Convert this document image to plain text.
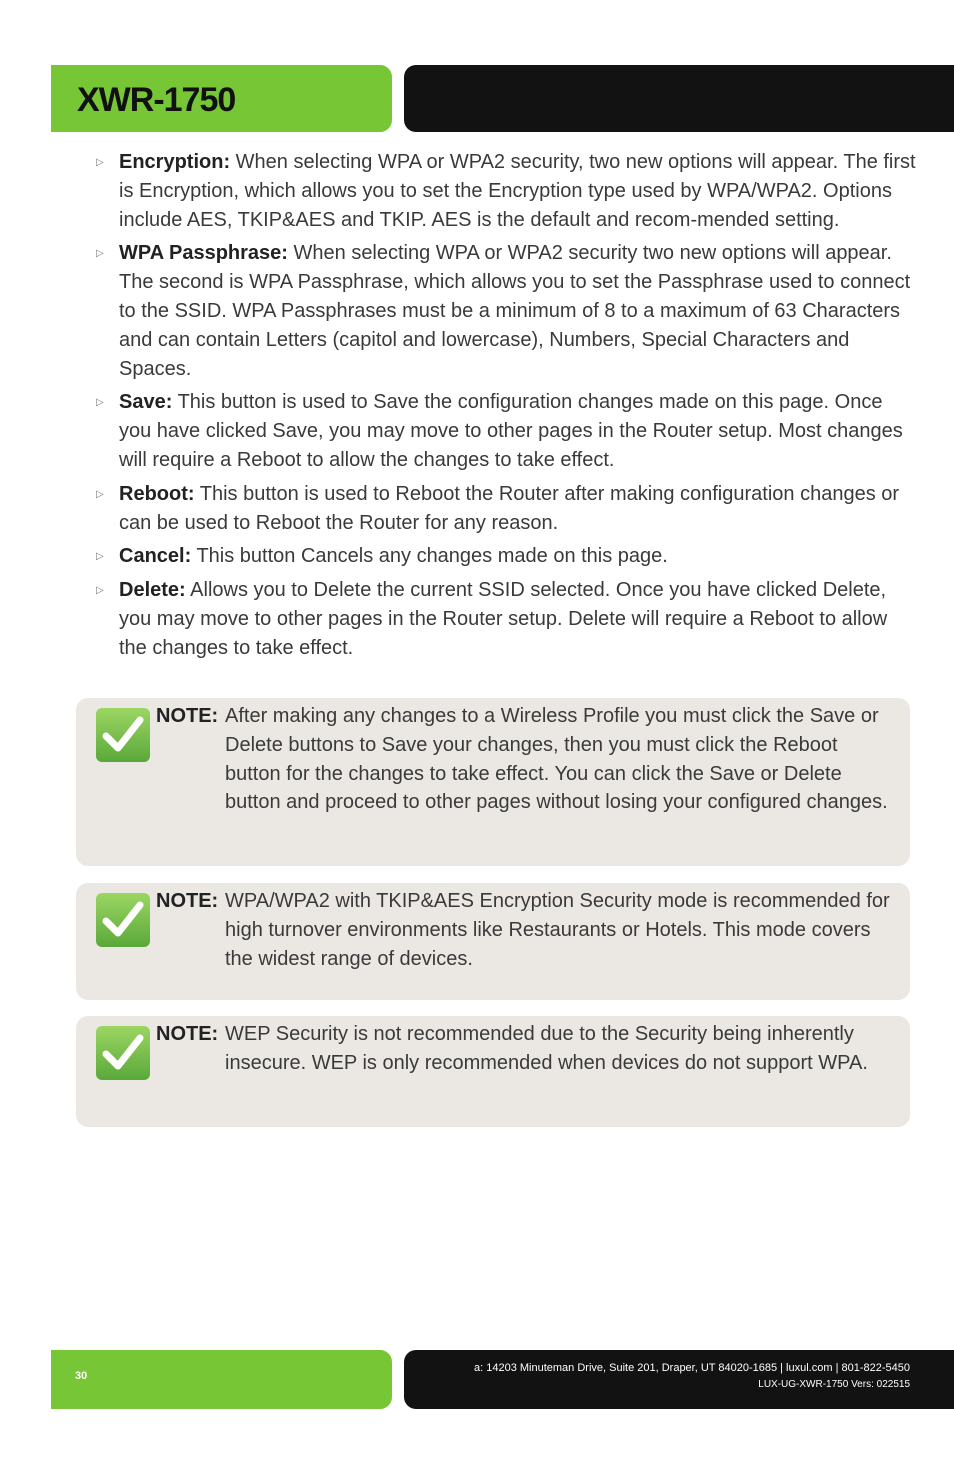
XWR-1750
▷ Encryption: When selecting WPA or WPA2 security, two new options will appear. The first is Encryption, which allows you to set the Encryption type used by WPA/WPA2. Options include AES, TKIP&AES and TKIP. AES is the default and recom-mended setting.
▷ WPA Passphrase: When selecting WPA or WPA2 security two new options will appear. The second is WPA Passphrase, which allows you to set the Passphrase used to connect to the SSID. WPA Passphrases must be a minimum of 8 to a maximum of 63 Characters and can contain Letters (capitol and lowercase), Numbers, Special Characters and Spaces.
▷ Save: This button is used to Save the configuration changes made on this page. Once you have clicked Save, you may move to other pages in the Router setup. Most changes will require a Reboot to allow the changes to take effect.
▷ Reboot: This button is used to Reboot the Router after making configuration changes or can be used to Reboot the Router for any reason.
▷ Cancel: This button Cancels any changes made on this page.
▷ Delete: Allows you to Delete the current SSID selected. Once you have clicked Delete, you may move to other pages in the Router setup. Delete will require a Reboot to allow the changes to take effect.
NOTE: After making any changes to a Wireless Profile you must click the Save or Delete buttons to Save your changes, then you must click the Reboot button for the changes to take effect. You can click the Save or Delete button and proceed to other pages without losing your configured changes.

NOTE: WPA/WPA2 with TKIP&AES Encryption Security mode is recommended for high turnover environments like Restaurants or Hotels. This mode covers the widest range of devices.

NOTE: WEP Security is not recommended due to the Security being inherently insecure. WEP is only recommended when devices do not support WPA.

30
a: 14203 Minuteman Drive, Suite 201, Draper, UT 84020-1685 | luxul.com | 801-822-5450
LUX-UG-XWR-1750 Vers: 022515
